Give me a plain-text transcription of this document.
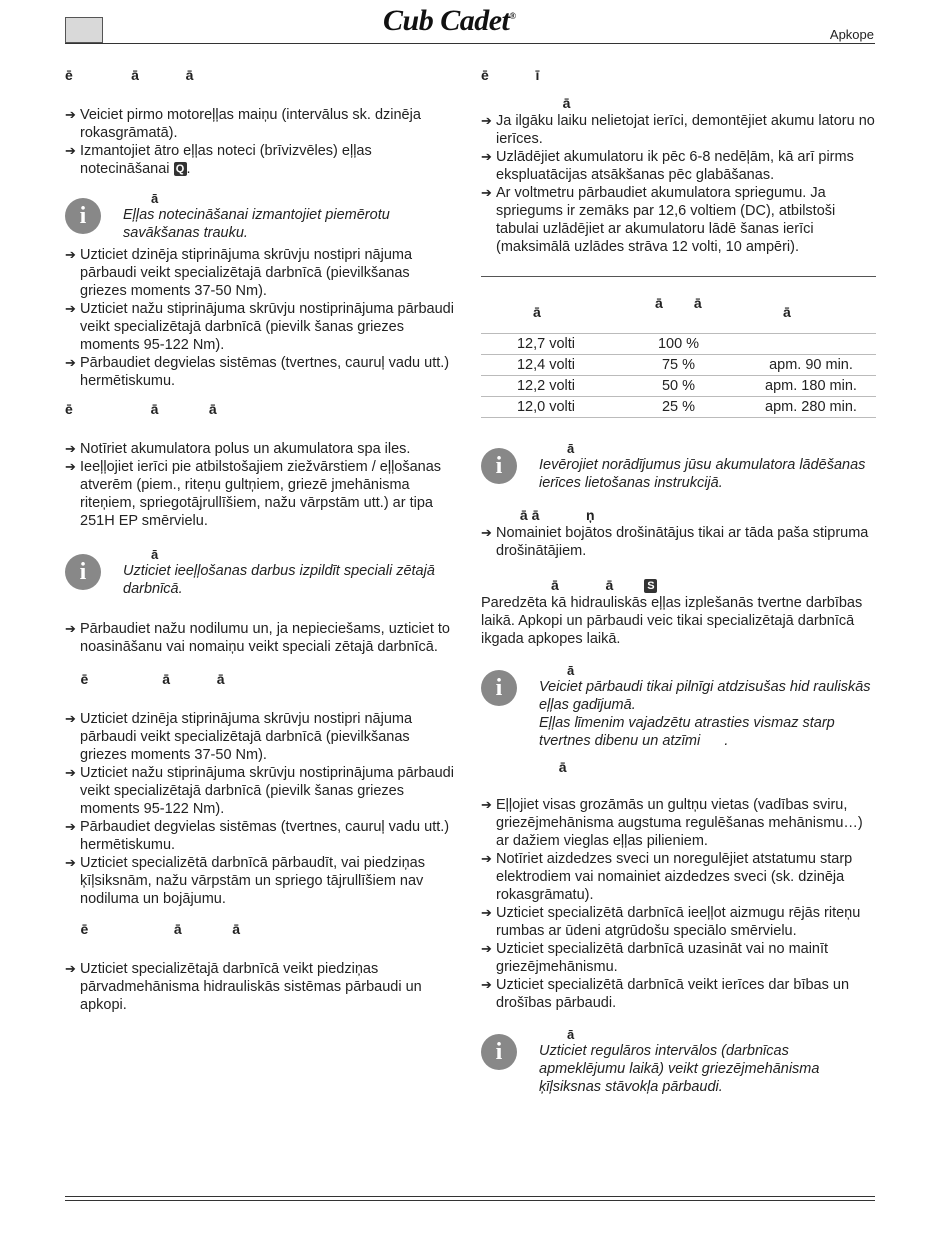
Cub Cadet®
Apkope
ē               ā            ā
➔ Veiciet pirmo motoreļļas maiņu (intervālus sk. dzinēja rokasgrāmatā).
➔ Izmantojiet ātro eļļas noteci (brīvizvēles) eļļas notecināšanai Q .
i
ā
Eļļas notecināšanai izmantojiet piemērotu savākšanas trauku.
➔ Uzticiet dzinēja stiprinājuma skrūvju nostipri nājuma pārbaudi veikt specializētajā darbnīcā (pievilkšanas griezes moments 37-50 Nm).
➔ Uzticiet nažu stiprinājuma skrūvju nostiprinājuma pārbaudi veikt specializētajā darbnīcā (pievilk šanas griezes moments 95-122 Nm).
➔ Pārbaudiet degvielas sistēmas (tvertnes, cauruļ vadu utt.) hermētiskumu.
ē                    ā             ā
➔ Notīriet akumulatora polus un akumulatora spa iles.
➔ Ieeļļojiet ierīci pie atbilstošajiem ziežvārstiem / eļļošanas atverēm (piem., riteņu gultņiem, griezē jmehānisma riteņiem, spriegotājrullīšiem, nažu vārpstām utt.) ar tipa 251H EP smērvielu.
i
ā
Uzticiet ieeļļošanas darbus izpildīt speciali zētajā darbnīcā.
➔ Pārbaudiet nažu nodilumu un, ja nepieciešams, uzticiet to noasināšanu vai nomaiņu veikt speciali zētajā darbnīcā.
ē                   ā            ā
➔ Uzticiet dzinēja stiprinājuma skrūvju nostipri nājuma pārbaudi veikt specializētajā darbnīcā (pievilkšanas griezes moments 37-50 Nm).
➔ Uzticiet nažu stiprinājuma skrūvju nostiprinājuma pārbaudi veikt specializētajā darbnīcā (pievilk šanas griezes moments 95-122 Nm).
➔ Pārbaudiet degvielas sistēmas (tvertnes, cauruļ vadu utt.) hermētiskumu.
➔ Uzticiet specializētā darbnīcā pārbaudīt, vai piedziņas ķīļsiksnām, nažu vārpstām un spriego tājrullīšiem nav nodiluma un bojājumu.
ē                      ā             ā
➔ Uzticiet specializētajā darbnīcā veikt piedziņas pārvadmehānisma hidrauliskās sistēmas pārbaudi un apkopi.
ē            ī
ā
➔ Ja ilgāku laiku nelietojat ierīci, demontējiet akumu latoru no ierīces.
➔ Uzlādējiet akumulatoru ik pēc 6-8 nedēļām, kā arī pirms ekspluatācijas atsākšanas pēc glabāšanas.
➔ Ar voltmetru pārbaudiet akumulatora spriegumu. Ja spriegums ir zemāks par 12,6 voltiem (DC), atbilstoši tabulai uzlādējiet ar akumulatoru lādē šanas ierīci (maksimālā uzlādes strāva 12 volti, 10 ampēri).
ā
ā        ā
ā
12,7 volti	100 %	
12,4 volti	75 %	apm. 90 min.
12,2 volti	50 %	apm. 180 min.
12,0 volti	25 %	apm. 280 min.
i
ā
Ievērojiet norādījumus jūsu akumulatora lādēšanas ierīces lietošanas instrukcijā.
ā ā            ņ
➔ Nomainiet bojātos drošinātājus tikai ar tāda paša stipruma drošinātājiem.
ā            ā	S
Paredzēta kā hidrauliskās eļļas izplešanās tvertne darbības laikā. Apkopi un pārbaudi veic tikai specializētajā darbnīcā ikgada apkopes laikā.
i
ā
Veiciet pārbaudi tikai pilnīgi atdzisušas hid rauliskās eļļas gadījumā.
Eļļas līmenim vajadzētu atrasties vismaz starp tvertnes dibenu un atzīmi      .
ā
➔ Eļļojiet visas grozāmās un gultņu vietas (vadības sviru, griezējmehānisma augstuma regulēšanas mehānismu…) ar dažiem vieglas eļļas pilieniem.
➔ Notīriet aizdedzes sveci un noregulējiet atstatumu starp elektrodiem vai nomainiet aizdedzes sveci (sk. dzinēja rokasgrāmatu).
➔ Uzticiet specializētā darbnīcā ieeļļot aizmugu rējās riteņu rumbas ar ūdeni atgrūdošu speciālo smērvielu.
➔ Uzticiet specializētā darbnīcā uzasināt vai no mainīt griezējmehānismu.
➔ Uzticiet specializētā darbnīcā veikt ierīces dar bības un drošības pārbaudi.
i
ā
Uzticiet regulāros intervālos (darbnīcas apmeklējumu laikā) veikt griezējmehānisma ķīļsiksnas stāvokļa pārbaudi.
